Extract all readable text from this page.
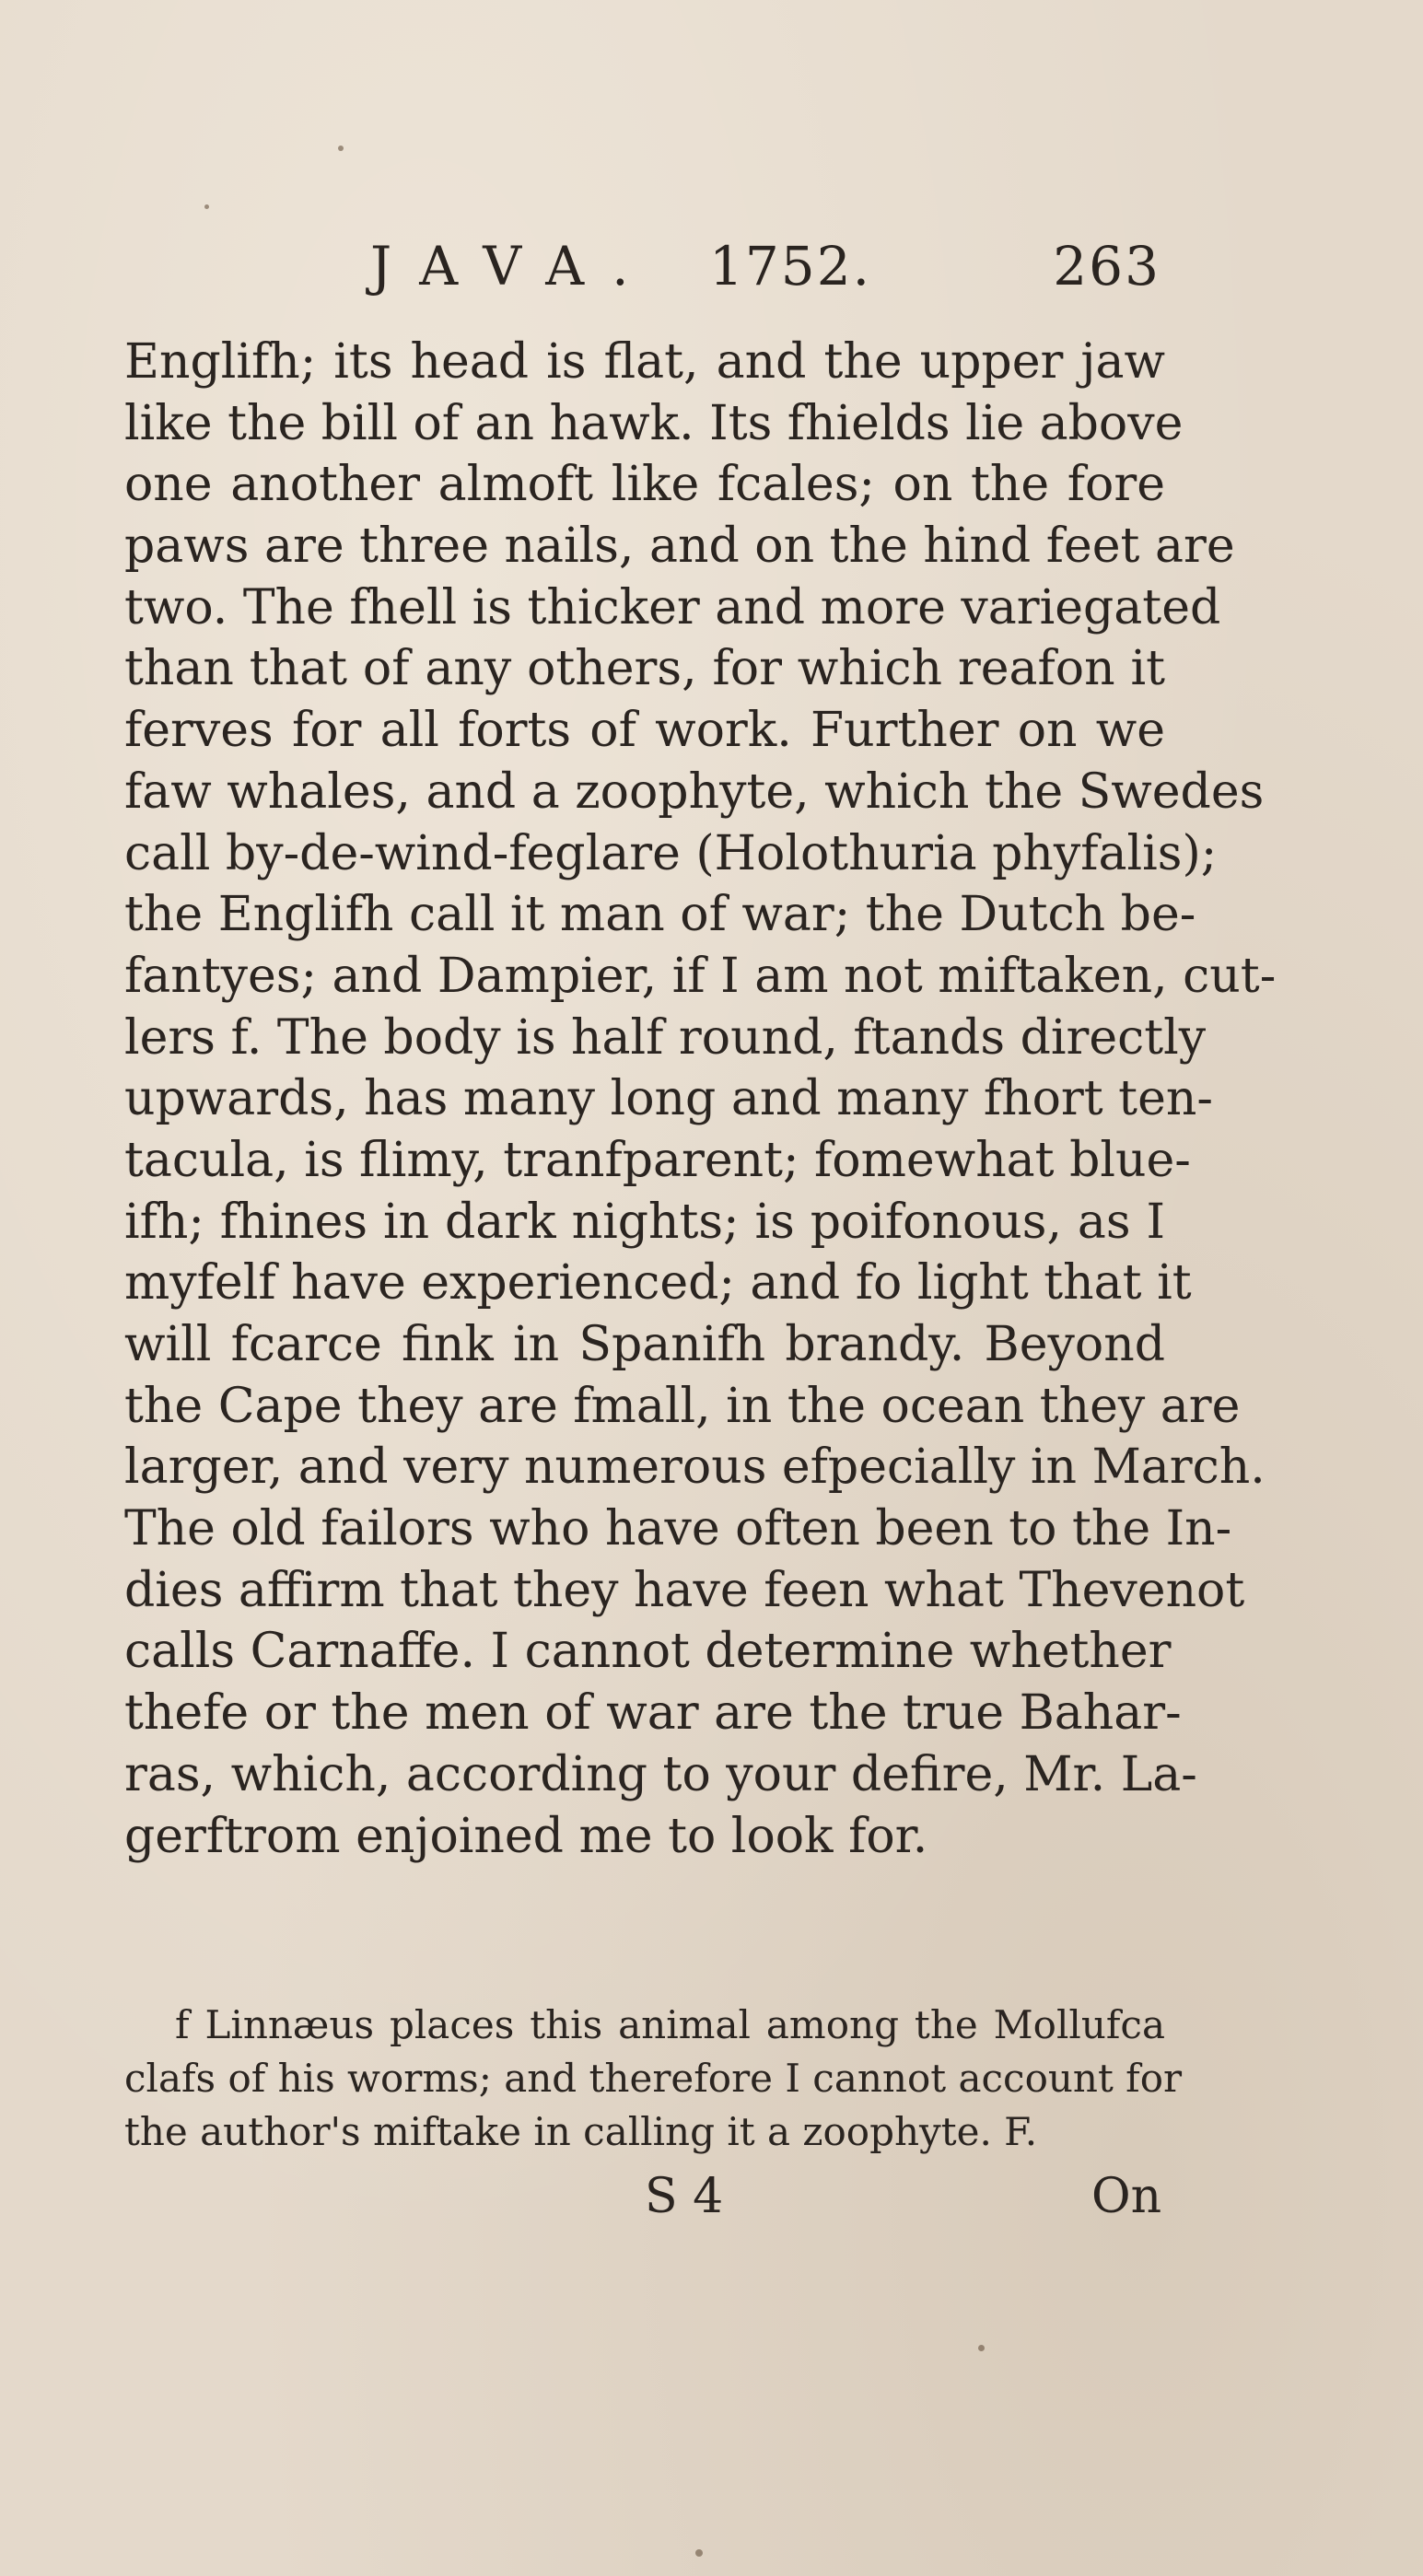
JAVA. 1752.	263
Englifh; its head is flat, and the upper jaw
like the bill of an hawk. Its fhields lie above
one another almoft like fcales; on the fore
paws are three nails, and on the hind feet are
two. The fhell is thicker and more variegated
than that of any others, for which reafon it
ferves for all forts of work. Further on we
faw whales, and a zoophyte, which the Swedes
call by-de-wind-feglare (Holothuria phyfalis);
the Englifh call it man of war; the Dutch be-
fantyes; and Dampier, if I am not miftaken, cut-
lers f. The body is half round, ftands directly
upwards, has many long and many fhort ten-
tacula, is flimy, tranfparent; fomewhat blue-
ifh; fhines in dark nights; is poifonous, as I
myfelf have experienced; and fo light that it
will fcarce fink in Spanifh brandy. Beyond
the Cape they are fmall, in the ocean they are
larger, and very numerous efpecially in March.
The old failors who have often been to the In-
dies affirm that they have feen what Thevenot
calls Carnaffe. I cannot determine whether
thefe or the men of war are the true Bahar-
ras, which, according to your defire, Mr. La-
gerftrom enjoined me to look for.
f Linnæus places this animal among the Mollufca
clafs of his worms; and therefore I cannot account for
the author's miftake in calling it a zoophyte. F.
S 4	On
